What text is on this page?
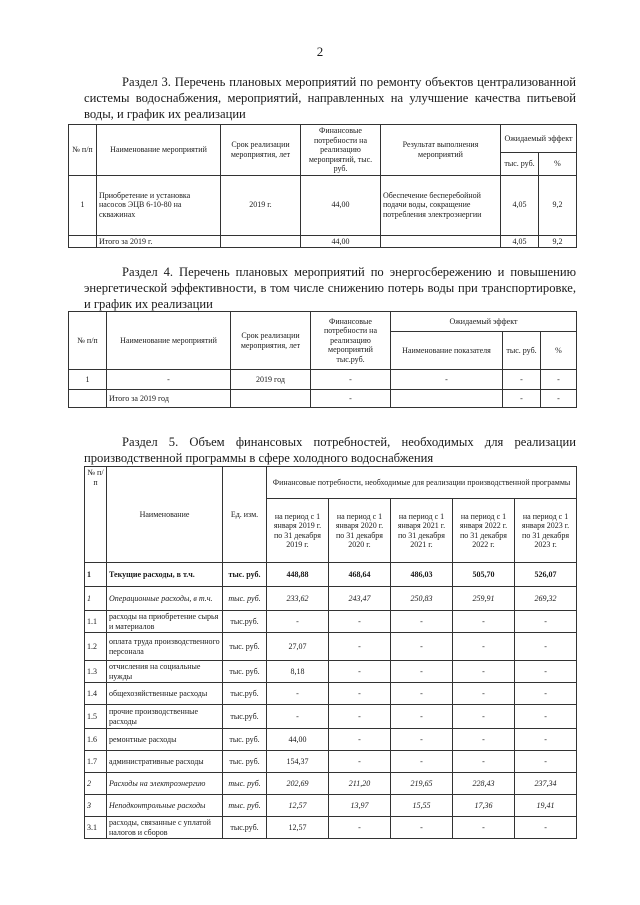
2
Раздел 3. Перечень плановых мероприятий по ремонту объектов централизованной системы водоснабжения, мероприятий, направленных на улучшение качества питьевой воды, и график их реализации
№ п/п	Наименование мероприятий	Срок реализации мероприятия, лет	Финансовые потребности на реализацию мероприятий, тыс. руб.	Результат выполнения мероприятий	Ожидаемый эффект	
					тыс. руб.	%
1	Приобретение и установка насосов ЭЦВ 6-10-80 на скважинах	2019 г.	44,00	Обеспечение бесперебойной подачи воды, сокращение потребления электроэнергии	4,05	9,2
	Итого за 2019 г.		44,00		4,05	9,2
Раздел 4. Перечень плановых мероприятий по энергосбережению и повышению энергетической эффективности, в том числе снижению потерь воды при транспортировке, и график их реализации
№ п/п	Наименование мероприятий	Срок реализации мероприятия, лет	Финансовые потребности на реализацию мероприятий тыс.руб.	Ожидаемый эффект		
				Наименование показателя	тыс. руб.	%
1	-	2019 год	-	-	-	-
	Итого за 2019 год		-		-	-
Раздел 5. Объем финансовых потребностей, необходимых для реализации производственной программы в сфере холодного водоснабжения
№ п/п	Наименование	Ед. изм.	Финансовые потребности, необходимые для реализации производственной программы				
			на период с 1 января 2019 г. по 31 декабря 2019 г.	на период с 1 января 2020 г. по 31 декабря 2020 г.	на период с 1 января 2021 г. по 31 декабря 2021 г.	на период с 1 января 2022 г. по 31 декабря 2022 г.	на период с 1 января 2023 г. по 31 декабря 2023 г.
1	Текущие расходы, в т.ч.	тыс. руб.	448,88	468,64	486,03	505,70	526,07
1	Операционные расходы, в т.ч.	тыс. руб.	233,62	243,47	250,83	259,91	269,32
1.1	расходы на приобретение сырья и материалов	тыс.руб.	-	-	-	-	-
1.2	оплата труда производственного персонала	тыс. руб.	27,07	-	-	-	-
1.3	отчисления на социальные нужды	тыс. руб.	8,18	-	-	-	-
1.4	общехозяйственные расходы	тыс.руб.	-	-	-	-	-
1.5	прочие производственные расходы	тыс.руб.	-	-	-	-	-
1.6	ремонтные расходы	тыс. руб.	44,00	-	-	-	-
1.7	административные расходы	тыс. руб.	154,37	-	-	-	-
2	Расходы на электроэнергию	тыс. руб.	202,69	211,20	219,65	228,43	237,34
3	Неподконтрольные расходы	тыс. руб.	12,57	13,97	15,55	17,36	19,41
3.1	расходы, связанные с уплатой налогов и сборов	тыс.руб.	12,57	-	-	-	-
